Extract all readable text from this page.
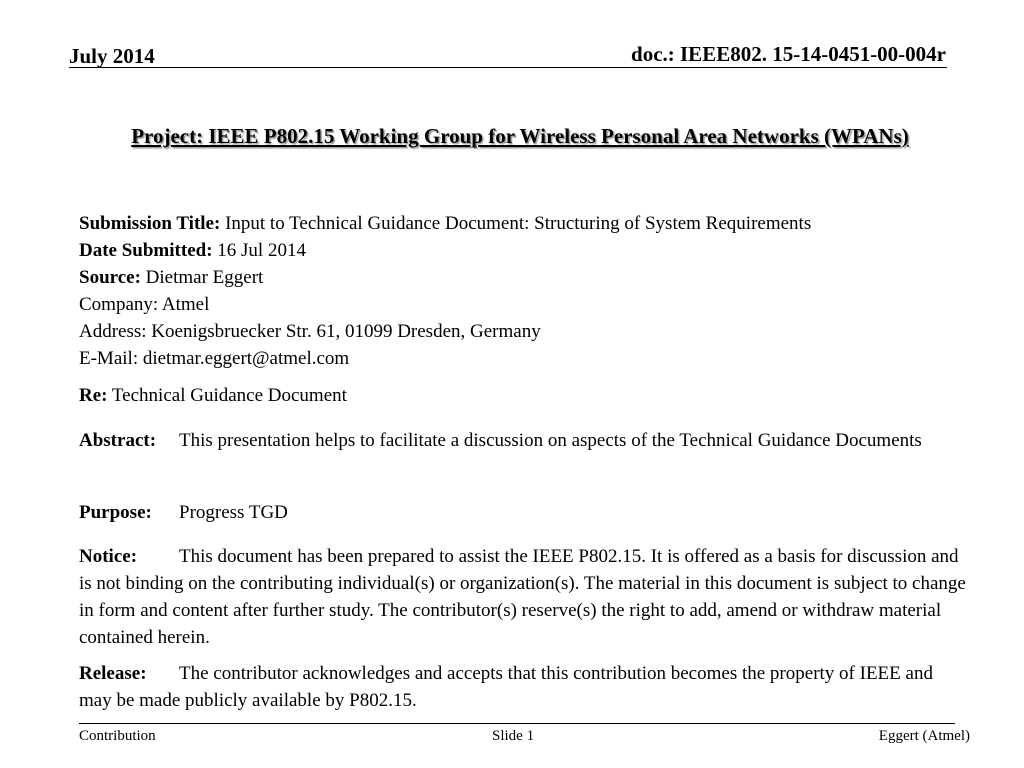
July 2014	doc.: IEEE802. 15-14-0451-00-004r
Project: IEEE P802.15 Working Group for Wireless Personal Area Networks (WPANs)
Submission Title: Input to Technical Guidance Document: Structuring of System Requirements
Date Submitted: 16 Jul 2014
Source: Dietmar Eggert
Company: Atmel
Address: Koenigsbruecker Str. 61, 01099 Dresden, Germany
E-Mail: dietmar.eggert@atmel.com
Re: Technical Guidance Document
Abstract: This presentation helps to facilitate a discussion on aspects of the Technical Guidance Documents
Purpose: Progress TGD
Notice: This document has been prepared to assist the IEEE P802.15. It is offered as a basis for discussion and is not binding on the contributing individual(s) or organization(s). The material in this document is subject to change in form and content after further study. The contributor(s) reserve(s) the right to add, amend or withdraw material contained herein.
Release: The contributor acknowledges and accepts that this contribution becomes the property of IEEE and may be made publicly available by P802.15.
Contribution	Slide 1	Eggert (Atmel)
